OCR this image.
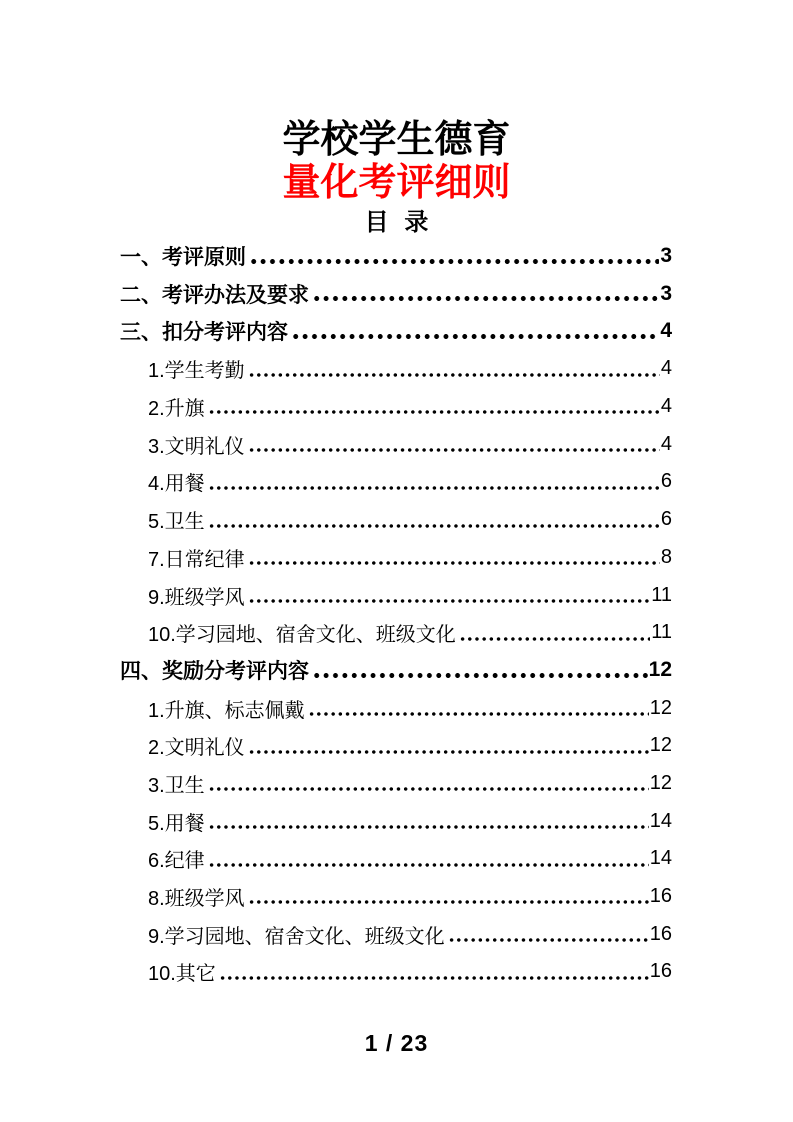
学校学生德育
量化考评细则
目 录
一、考评原则	3
二、考评办法及要求	3
三、扣分考评内容	4
1.学生考勤	4
2.升旗	4
3.文明礼仪	4
4.用餐	6
5.卫生	6
7.日常纪律	8
9.班级学风	11
10.学习园地、宿舍文化、班级文化	11
四、奖励分考评内容	12
1.升旗、标志佩戴	12
2.文明礼仪	12
3.卫生	12
5.用餐	14
6.纪律	14
8.班级学风	16
9.学习园地、宿舍文化、班级文化	16
10.其它	16
1 / 23
